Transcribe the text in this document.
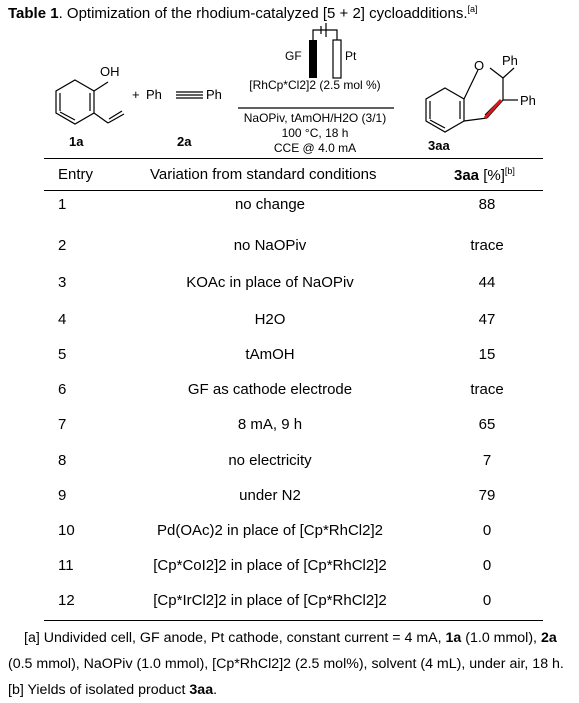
Table 1. Optimization of the rhodium-catalyzed [5 + 2] cycloadditions.[a]
OH
+ Ph	Ph
1a	2a
GF	Pt
[RhCp*Cl2]2 (2.5 mol %)
NaOPiv, tAmOH/H2O (3/1)
100 °C, 18 h
CCE @ 4.0 mA
O Ph
Ph
3aa
Entry	Variation from standard conditions	3aa [%][b]
1	no change	88
2	no NaOPiv	trace
3	KOAc in place of NaOPiv	44
4	H2O	47
5	tAmOH	15
6	GF as cathode electrode	trace
7	8 mA, 9 h	65
8	no electricity	7
9	under N2	79
10	Pd(OAc)2 in place of [Cp*RhCl2]2	0
11	[Cp*CoI2]2 in place of [Cp*RhCl2]2	0
12	[Cp*IrCl2]2 in place of [Cp*RhCl2]2	0
[a] Undivided cell, GF anode, Pt cathode, constant current = 4 mA, 1a (1.0 mmol), 2a (0.5 mmol), NaOPiv (1.0 mmol), [Cp*RhCl2]2 (2.5 mol%), solvent (4 mL), under air, 18 h. [b] Yields of isolated product 3aa.
